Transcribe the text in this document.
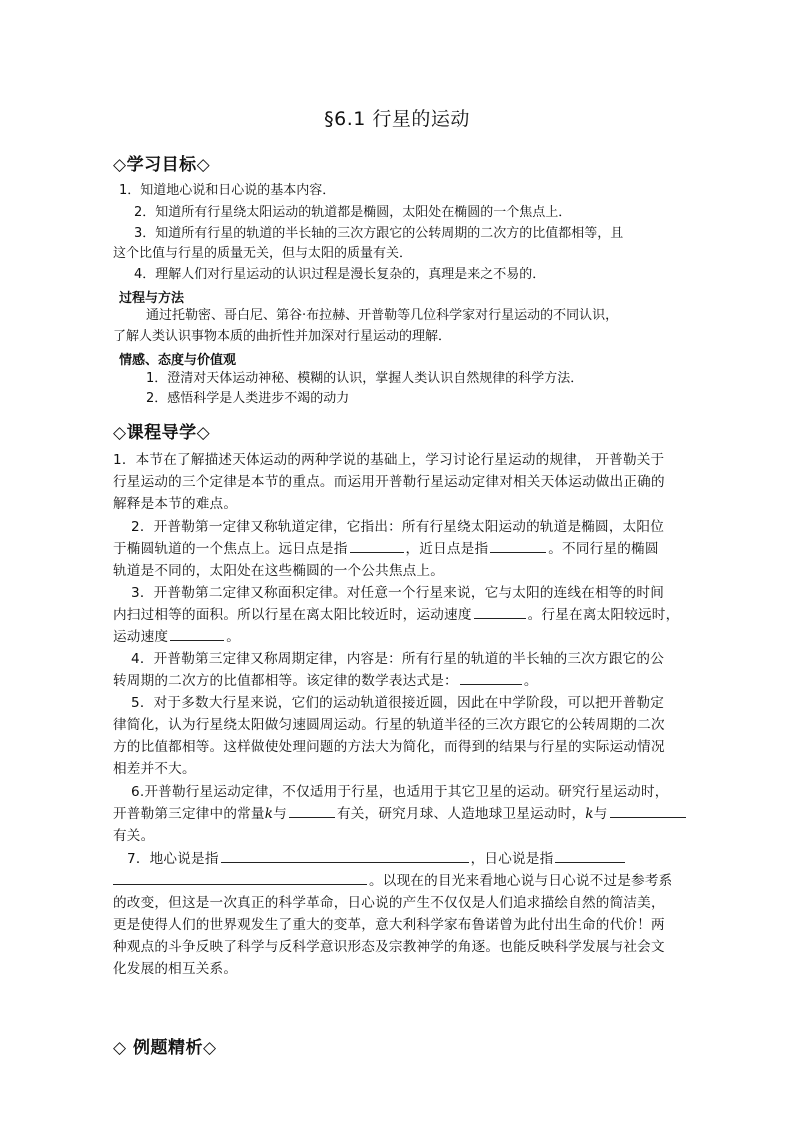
§6.1 行星的运动
◇学习目标◇
1．知道地心说和日心说的基本内容．
2．知道所有行星绕太阳运动的轨道都是椭圆，太阳处在椭圆的一个焦点上．
3．知道所有行星的轨道的半长轴的三次方跟它的公转周期的二次方的比值都相等，且
这个比值与行星的质量无关，但与太阳的质量有关．
4．理解人们对行星运动的认识过程是漫长复杂的，真理是来之不易的．
过程与方法
通过托勒密、哥白尼、第谷·布拉赫、开普勒等几位科学家对行星运动的不同认识，
了解人类认识事物本质的曲折性并加深对行星运动的理解．
情感、态度与价值观
1．澄清对天体运动神秘、模糊的认识，掌握人类认识自然规律的科学方法．
2．感悟科学是人类进步不竭的动力
◇课程导学◇
1．本节在了解描述天体运动的两种学说的基础上，学习讨论行星运动的规律， 开普勒关于
行星运动的三个定律是本节的重点。而运用开普勒行星运动定律对相关天体运动做出正确的
解释是本节的难点。
2．开普勒第一定律又称轨道定律，它指出：所有行星绕太阳运动的轨道是椭圆，太阳位
于椭圆轨道的一个焦点上。远日点是指	，近日点是指	。不同行星的椭圆
轨道是不同的，太阳处在这些椭圆的一个公共焦点上。
3．开普勒第二定律又称面积定律。对任意一个行星来说，它与太阳的连线在相等的时间
内扫过相等的面积。所以行星在离太阳比较近时，运动速度	。行星在离太阳较远时，
运动速度	。
4．开普勒第三定律又称周期定律，内容是：所有行星的轨道的半长轴的三次方跟它的公
转周期的二次方的比值都相等。该定律的数学表达式是：	。
5．对于多数大行星来说，它们的运动轨道很接近圆，因此在中学阶段，可以把开普勒定
律简化，认为行星绕太阳做匀速圆周运动。行星的轨道半径的三次方跟它的公转周期的二次
方的比值都相等。这样做使处理问题的方法大为简化，而得到的结果与行星的实际运动情况
相差并不大。
6.开普勒行星运动定律，不仅适用于行星，也适用于其它卫星的运动。研究行星运动时，
开普勒第三定律中的常量k与	有关，研究月球、人造地球卫星运动时，k与
有关。
7．地心说是指	，日心说是指
。以现在的目光来看地心说与日心说不过是参考系
的改变，但这是一次真正的科学革命，日心说的产生不仅仅是人们追求描绘自然的简洁美，
更是使得人们的世界观发生了重大的变革，意大利科学家布鲁诺曾为此付出生命的代价！两
种观点的斗争反映了科学与反科学意识形态及宗教神学的角逐。也能反映科学发展与社会文
化发展的相互关系。
◇ 例题精析◇
